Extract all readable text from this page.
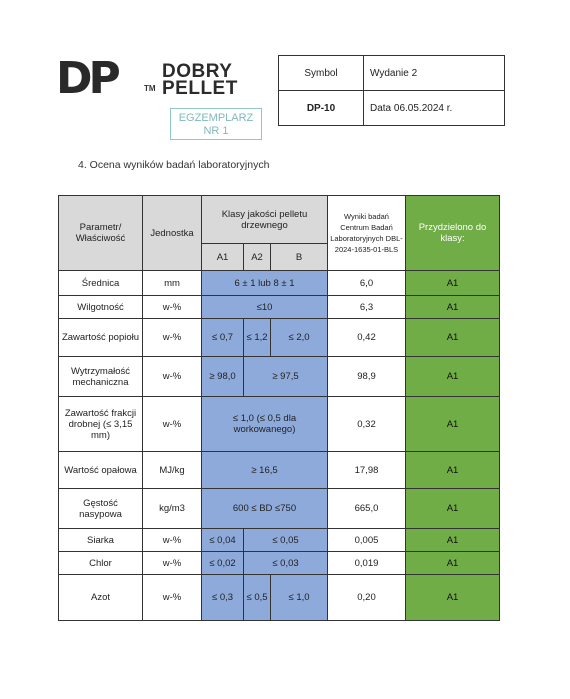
DP	TM
DOBRY
PELLET
EGZEMPLARZ
NR 1
Symbol	Wydanie 2
DP-10	Data 06.05.2024 r.
4. Ocena wyników badań laboratoryjnych
Parametr/ Właściwość	Jednostka	Klasy jakości pelletu drzewnego			Wyniki badań Centrum Badań Laboratoryjnych DBL-2024-1635-01-BLS	Przydzielono do klasy:
		A1	A2	B		
Średnica	mm	6 ± 1 lub 8 ± 1			6,0	A1
Wilgotność	w-%	≤10			6,3	A1
Zawartość popiołu	w-%	≤ 0,7	≤ 1,2	≤ 2,0	0,42	A1
Wytrzymałość mechaniczna	w-%	≥ 98,0	≥ 97,5		98,9	A1
Zawartość frakcji drobnej (≤ 3,15 mm)	w-%	≤ 1,0 (≤ 0,5 dla workowanego)			0,32	A1
Wartość opałowa	MJ/kg	≥ 16,5			17,98	A1
Gęstość nasypowa	kg/m3	600 ≤ BD ≤750			665,0	A1
Siarka	w-%	≤ 0,04	≤ 0,05		0,005	A1
Chlor	w-%	≤ 0,02	≤ 0,03		0,019	A1
Azot	w-%	≤ 0,3	≤ 0,5	≤ 1,0	0,20	A1
